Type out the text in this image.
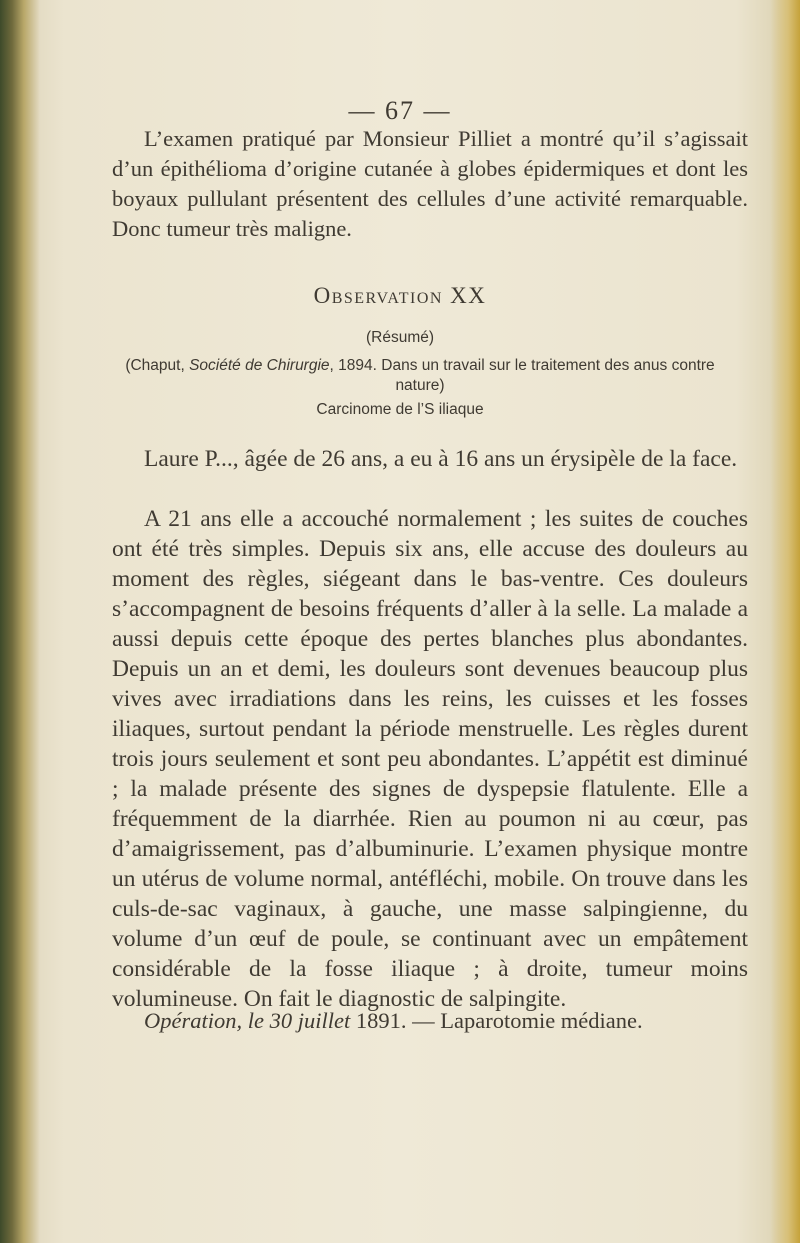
— 67 —

L’examen pratiqué par Monsieur Pilliet a montré qu’il s’agissait d’un épithélioma d’origine cutanée à globes épidermiques et dont les boyaux pullulant présentent des cellules d’une activité remarquable. Donc tumeur très maligne.

Observation XX
(Résumé)
(Chaput, Société de Chirurgie, 1894. Dans un travail sur le traitement des anus contre nature)
Carcinome de l’S iliaque

Laure P..., âgée de 26 ans, a eu à 16 ans un érysipèle de la face.

A 21 ans elle a accouché normalement ; les suites de couches ont été très simples. Depuis six ans, elle accuse des douleurs au moment des règles, siégeant dans le bas-ventre. Ces douleurs s’accompagnent de besoins fréquents d’aller à la selle. La malade a aussi depuis cette époque des pertes blanches plus abondantes. Depuis un an et demi, les douleurs sont devenues beaucoup plus vives avec irradiations dans les reins, les cuisses et les fosses iliaques, surtout pendant la période menstruelle. Les règles durent trois jours seulement et sont peu abondantes. L’appétit est diminué ; la malade présente des signes de dyspepsie flatulente. Elle a fréquemment de la diarrhée. Rien au poumon ni au cœur, pas d’amaigrissement, pas d’albuminurie. L’examen physique montre un utérus de volume normal, antéfléchi, mobile. On trouve dans les culs-de-sac vaginaux, à gauche, une masse salpingienne, du volume d’un œuf de poule, se continuant avec un empâtement considérable de la fosse iliaque ; à droite, tumeur moins volumineuse. On fait le diagnostic de salpingite.

Opération, le 30 juillet 1891. — Laparotomie médiane.
